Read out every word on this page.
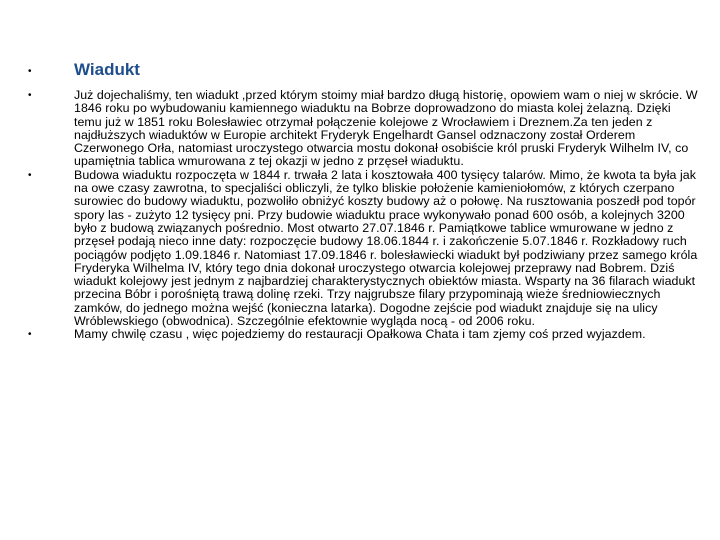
• Wiadukt
•	Już dojechaliśmy, ten wiadukt ,przed którym stoimy miał bardzo długą historię, opowiem wam o niej w skrócie. W 1846 roku po wybudowaniu kamiennego wiaduktu na Bobrze doprowadzono do miasta kolej żelazną. Dzięki temu już w 1851 roku Bolesławiec otrzymał połączenie kolejowe z Wrocławiem i Dreznem.Za ten jeden z najdłuższych wiaduktów w Europie architekt Fryderyk Engelhardt Gansel odznaczony został Orderem Czerwonego Orła, natomiast uroczystego otwarcia mostu dokonał osobiście król pruski Fryderyk Wilhelm IV, co upamiętnia tablica wmurowana z tej okazji w jedno z przęseł wiaduktu.
•	Budowa wiaduktu rozpoczęta w 1844 r. trwała 2 lata i kosztowała 400 tysięcy talarów. Mimo, że kwota ta była jak na owe czasy zawrotna, to specjaliści obliczyli, że tylko bliskie położenie kamieniołomów, z których czerpano surowiec do budowy wiaduktu, pozwoliło obniżyć koszty budowy aż o połowę. Na rusztowania poszedł pod topór spory las - zużyto 12 tysięcy pni. Przy budowie wiaduktu prace wykonywało ponad 600 osób, a kolejnych 3200 było z budową związanych pośrednio. Most otwarto 27.07.1846 r. Pamiątkowe tablice wmurowane w jedno z przęseł podają nieco inne daty: rozpoczęcie budowy 18.06.1844 r. i zakończenie 5.07.1846 r. Rozkładowy ruch pociągów podjęto 1.09.1846 r. Natomiast 17.09.1846 r. bolesławiecki wiadukt był podziwiany przez samego króla Fryderyka Wilhelma IV, który tego dnia dokonał uroczystego otwarcia kolejowej przeprawy nad Bobrem. Dziś wiadukt kolejowy jest jednym z najbardziej charakterystycznych obiektów miasta. Wsparty na 36 filarach wiadukt przecina Bóbr i porośniętą trawą dolinę rzeki. Trzy najgrubsze filary przypominają wieże średniowiecznych zamków, do jednego można wejść (konieczna latarka). Dogodne zejście pod wiadukt znajduje się na ulicy Wróblewskiego (obwodnica). Szczególnie efektownie wygląda nocą - od 2006 roku.
•	Mamy chwilę czasu , więc pojedziemy do restauracji Opałkowa Chata i tam zjemy coś przed wyjazdem.
